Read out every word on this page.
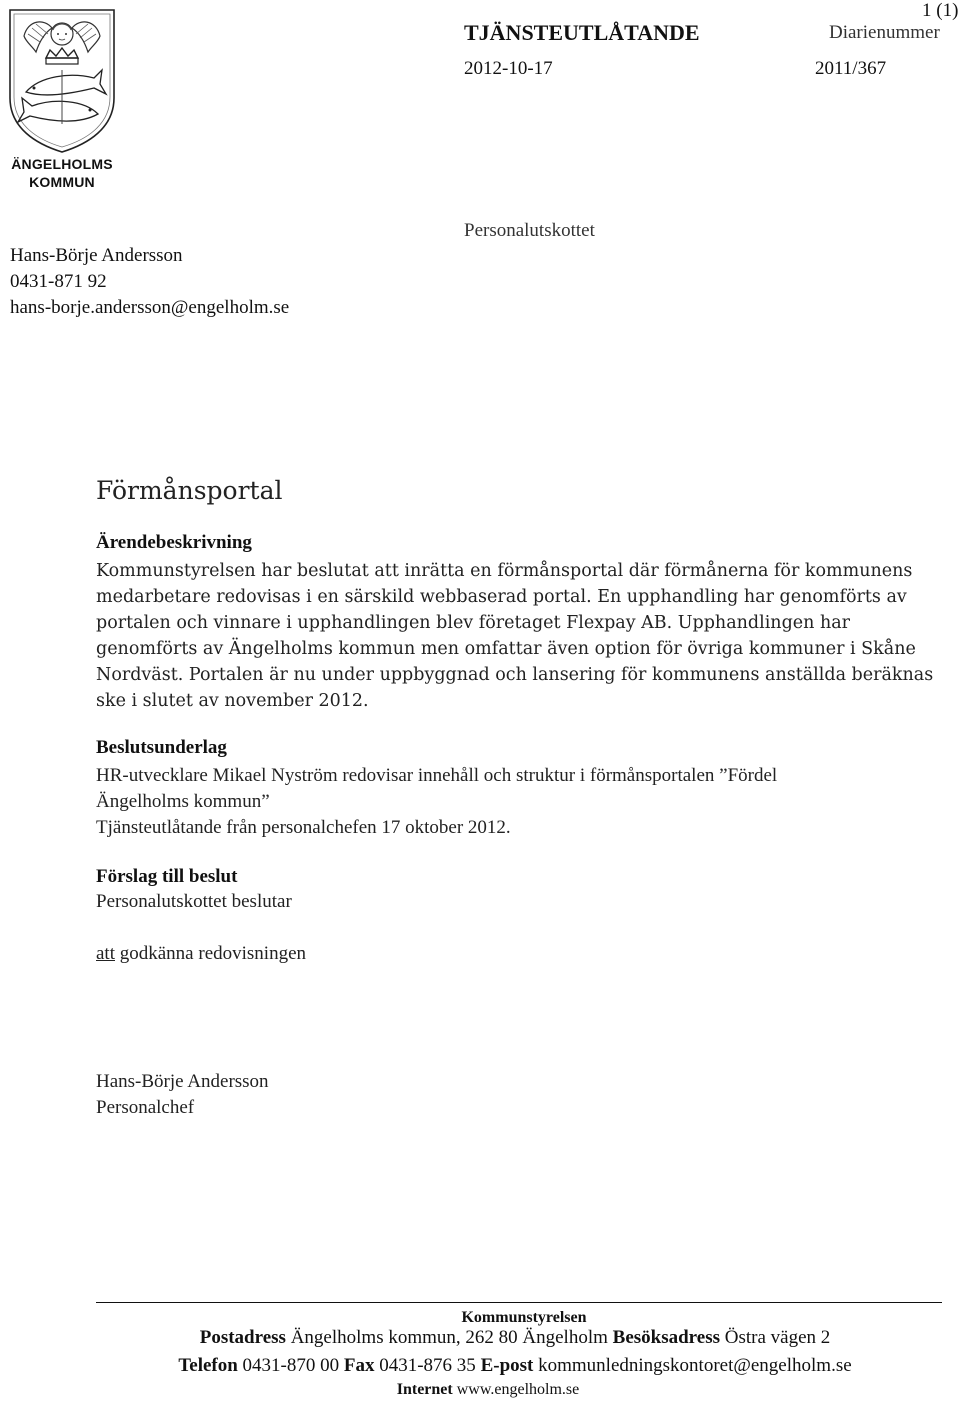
ÄNGELHOLMS
KOMMUN
1 (1)
TJÄNSTEUTLÅTANDE	Diarienummer
2012-10-17	2011/367
Hans-Börje Andersson
0431-871 92
hans-borje.andersson@engelholm.se
Personalutskottet
Förmånsportal
Ärendebeskrivning
Kommunstyrelsen har beslutat att inrätta en förmånsportal där förmånerna för kommunens
medarbetare redovisas i en särskild webbaserad portal. En upphandling har genomförts av
portalen och vinnare i upphandlingen blev företaget Flexpay AB. Upphandlingen har
genomförts av Ängelholms kommun men omfattar även option för övriga kommuner i Skåne
Nordväst. Portalen är nu under uppbyggnad och lansering för kommunens anställda beräknas
ske i slutet av november 2012.
Beslutsunderlag
HR-utvecklare Mikael Nyström redovisar innehåll och struktur i förmånsportalen ”Fördel
Ängelholms kommun”
Tjänsteutlåtande från personalchefen 17 oktober 2012.
Förslag till beslut
Personalutskottet beslutar
att godkänna redovisningen
Hans-Börje Andersson
Personalchef
Kommunstyrelsen
Postadress Ängelholms kommun, 262 80 Ängelholm Besöksadress Östra vägen 2
Telefon 0431-870 00 Fax 0431-876 35 E-post kommunledningskontoret@engelholm.se
Internet www.engelholm.se
